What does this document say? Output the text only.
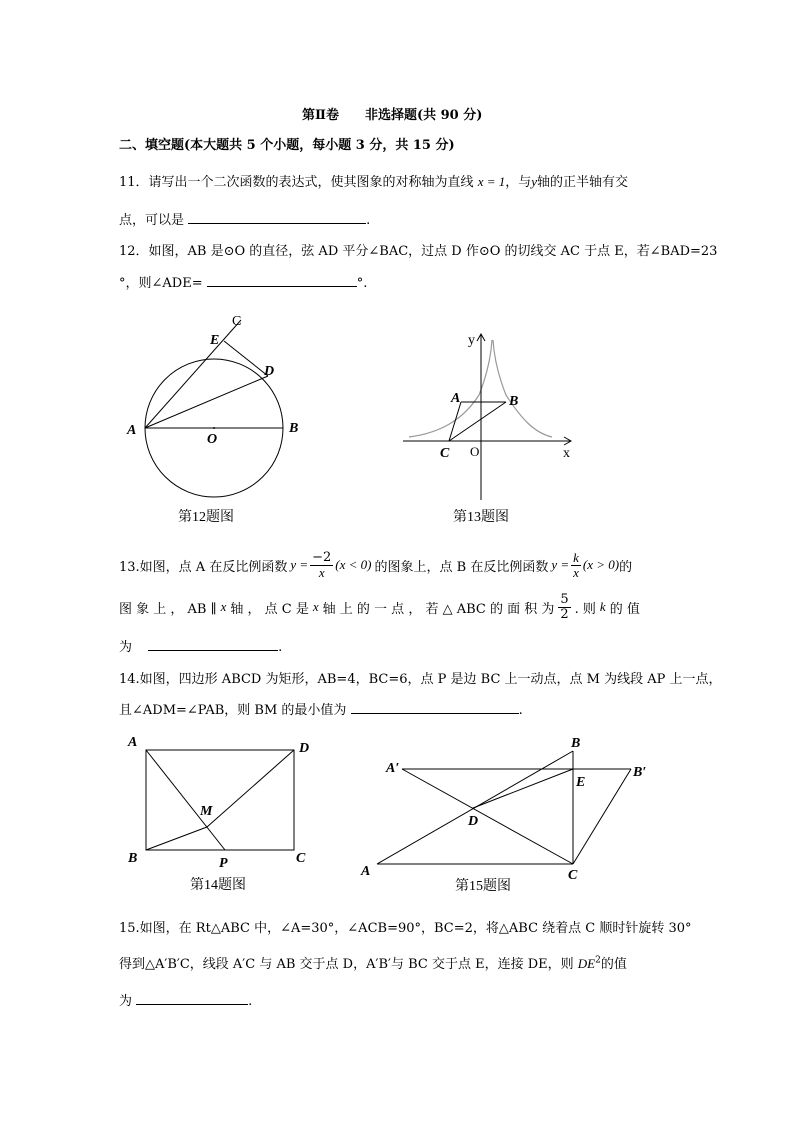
第Ⅱ卷　　非选择题(共 90 分)
二、填空题(本大题共 5 个小题，每小题 3 分，共 15 分)
11．请写出一个二次函数的表达式，使其图象的对称轴为直线 x = 1，与y轴的正半轴有交
点，可以是	.
12．如图，AB 是⊙O 的直径，弦 AD 平分∠BAC，过点 D 作⊙O 的切线交 AC 于点 E，若∠BAD=23
°，则∠ADE=	°.
A	B
O
D
E
C
第12题图
y
x
O
A	B
C
第13题图
13.如图，点 A 在反比例函数 $y = \frac{-2}{x} (x < 0)$ 的图象上，点 B 在反比例函数 $y = \frac{k}{x} (x > 0)$ 的
图 象 上 ， AB ∥ x 轴 ， 点 C 是 x 轴 上 的 一 点 ， 若 △ ABC 的 面 积 为 $\frac{5}{2}$ . 则 k 的 值
为	.
14.如图，四边形 ABCD 为矩形，AB=4，BC=6，点 P 是边 BC 上一动点，点 M 为线段 AP 上一点，
且∠ADM=∠PAB，则 BM 的最小值为	.
A	D
M
B	P	C
第14题图
B
A′
E
B′
D
A	C
第15题图
15.如图，在 Rt△ABC 中，∠A=30°，∠ACB=90°，BC=2，将△ABC 绕着点 C 顺时针旋转 30°
得到△A′B′C，线段 A′C 与 AB 交于点 D，A′B′与 BC 交于点 E，连接 DE，则 $DE^2$的值
为	.
